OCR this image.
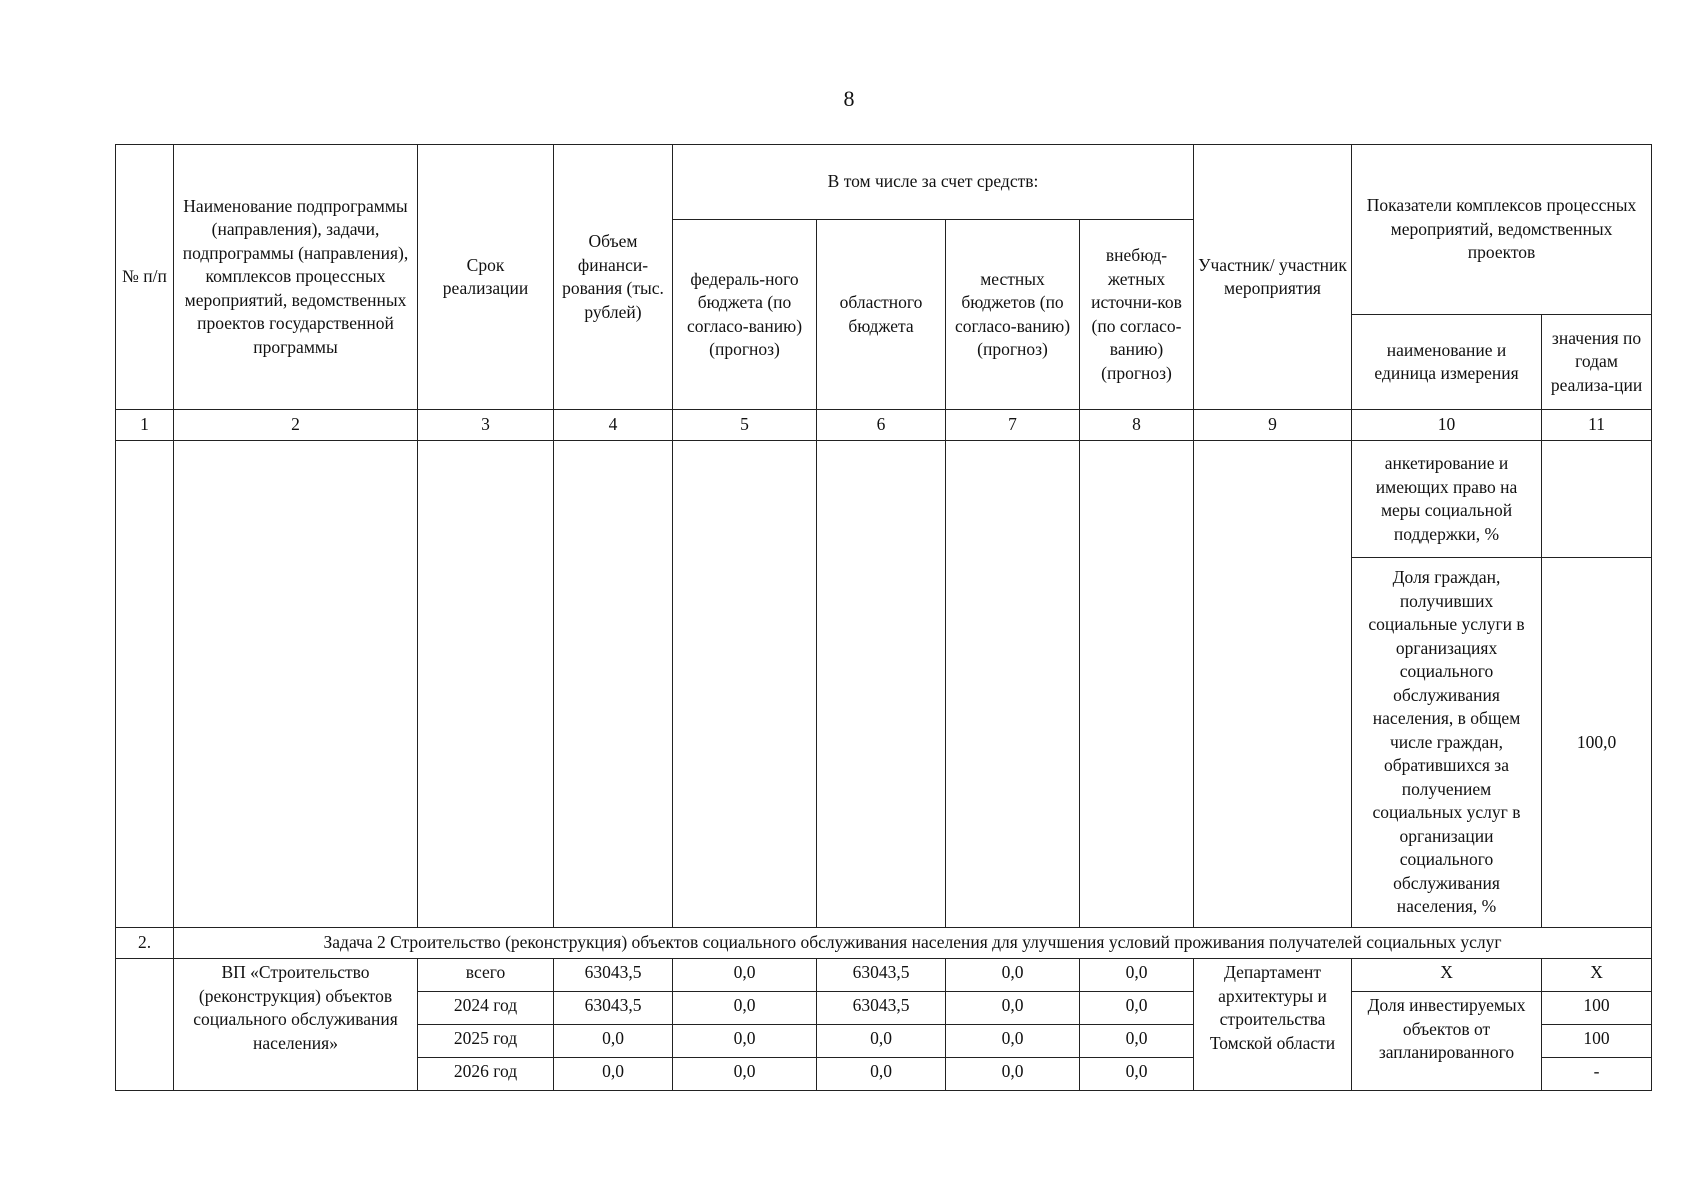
8
№ п/п	Наименование подпрограммы (направления), задачи, подпрограммы (направления), комплексов процессных мероприятий, ведомственных проектов государственной программы	Срок реализации	Объем финанси-рования (тыс. рублей)	В том числе за счет средств:				Участник/ участник мероприятия	Показатели комплексов процессных мероприятий, ведомственных проектов	
				федераль-ного бюджета (по согласо-ванию) (прогноз)	областного бюджета	местных бюджетов (по согласо-ванию) (прогноз)	внебюд-жетных источни-ков (по согласо-ванию) (прогноз)			
									наименование и единица измерения	значения по годам реализа-ции
1	2	3	4	5	6	7	8	9	10	11
									анкетирование и имеющих право на меры социальной поддержки, %	
									Доля граждан, получивших социальные услуги в организациях социального обслуживания населения, в общем числе граждан, обратившихся за получением социальных услуг в организации социального обслуживания населения, %	100,0
2.	Задача 2 Строительство (реконструкция) объектов социального обслуживания населения для улучшения условий проживания получателей социальных услуг									
	ВП «Строительство (реконструкция) объектов социального обслуживания населения»	всего	63043,5	0,0	63043,5	0,0	0,0	Департамент архитектуры и строительства Томской области	Х	Х
		2024 год	63043,5	0,0	63043,5	0,0	0,0		Доля инвестируемых объектов от запланированного	100
		2025 год	0,0	0,0	0,0	0,0	0,0			100
		2026 год	0,0	0,0	0,0	0,0	0,0			-
